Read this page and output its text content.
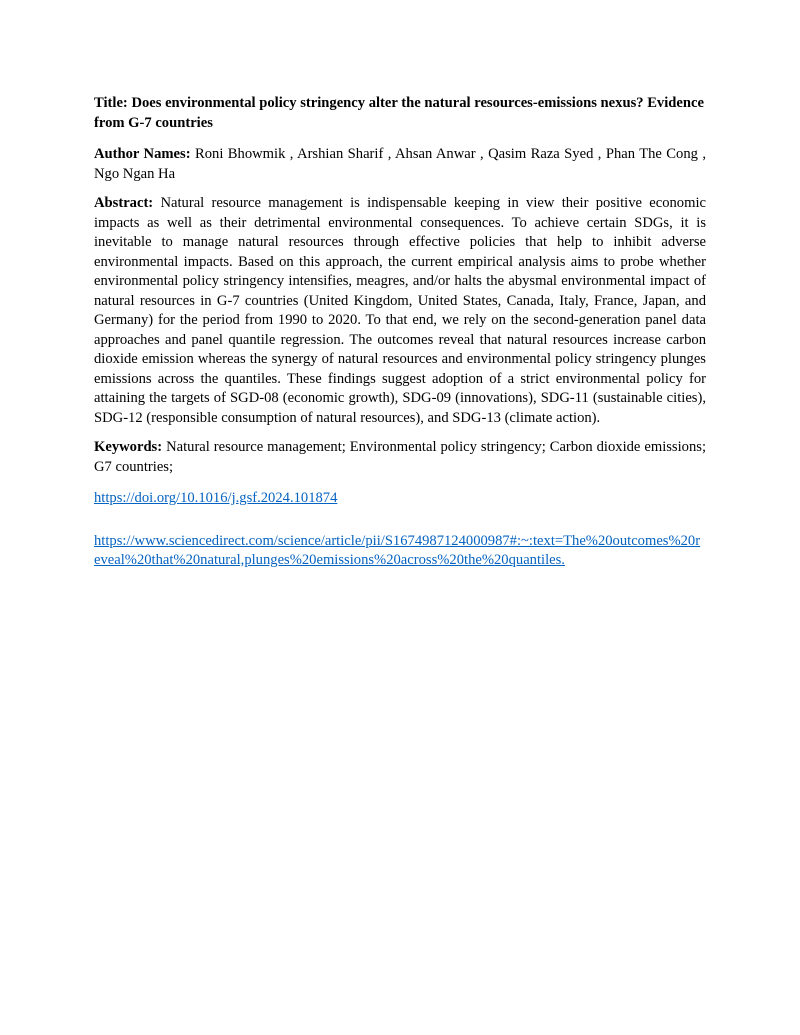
Title: Does environmental policy stringency alter the natural resources-emissions nexus? Evidence from G-7 countries

Author Names: Roni Bhowmik , Arshian Sharif , Ahsan Anwar , Qasim Raza Syed , Phan The Cong , Ngo Ngan Ha

Abstract: Natural resource management is indispensable keeping in view their positive economic impacts as well as their detrimental environmental consequences. To achieve certain SDGs, it is inevitable to manage natural resources through effective policies that help to inhibit adverse environmental impacts. Based on this approach, the current empirical analysis aims to probe whether environmental policy stringency intensifies, meagres, and/or halts the abysmal environmental impact of natural resources in G-7 countries (United Kingdom, United States, Canada, Italy, France, Japan, and Germany) for the period from 1990 to 2020. To that end, we rely on the second-generation panel data approaches and panel quantile regression. The outcomes reveal that natural resources increase carbon dioxide emission whereas the synergy of natural resources and environmental policy stringency plunges emissions across the quantiles. These findings suggest adoption of a strict environmental policy for attaining the targets of SGD-08 (economic growth), SDG-09 (innovations), SDG-11 (sustainable cities), SDG-12 (responsible consumption of natural resources), and SDG-13 (climate action).

Keywords: Natural resource management; Environmental policy stringency; Carbon dioxide emissions; G7 countries;

https://doi.org/10.1016/j.gsf.2024.101874
https://www.sciencedirect.com/science/article/pii/S1674987124000987#:~:text=The%20outcomes%20reveal%20that%20natural,plunges%20emissions%20across%20the%20quantiles.
